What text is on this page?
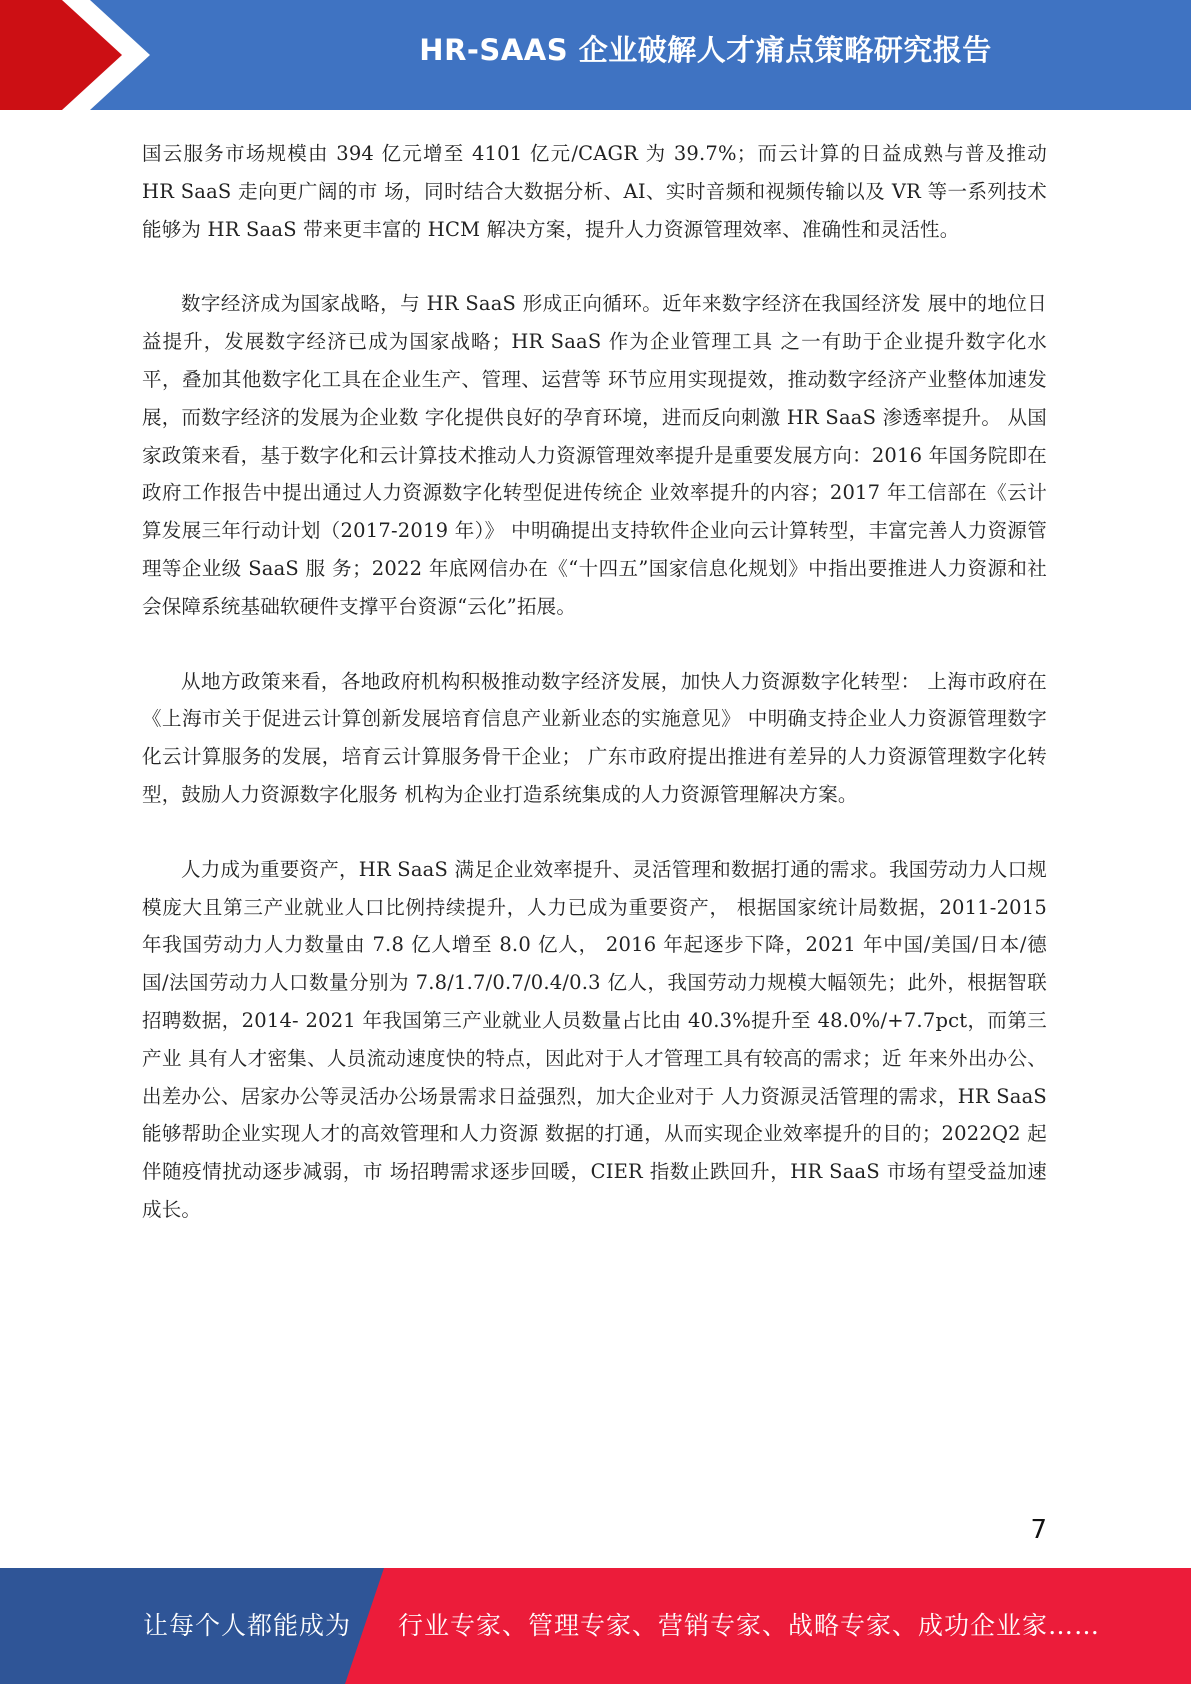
HR-SAAS 企业破解人才痛点策略研究报告

国云服务市场规模由 394 亿元增至 4101 亿元/CAGR 为 39.7%；而云计算的日益成熟与普及推动 HR SaaS 走向更广阔的市 场，同时结合大数据分析、AI、实时音频和视频传输以及 VR 等一系列技术能够为 HR SaaS 带来更丰富的 HCM 解决方案，提升人力资源管理效率、准确性和灵活性。

数字经济成为国家战略，与 HR SaaS 形成正向循环。近年来数字经济在我国经济发 展中的地位日益提升，发展数字经济已成为国家战略；HR SaaS 作为企业管理工具 之一有助于企业提升数字化水平，叠加其他数字化工具在企业生产、管理、运营等 环节应用实现提效，推动数字经济产业整体加速发展，而数字经济的发展为企业数 字化提供良好的孕育环境，进而反向刺激 HR SaaS 渗透率提升。 从国家政策来看，基于数字化和云计算技术推动人力资源管理效率提升是重要发展方向：2016 年国务院即在政府工作报告中提出通过人力资源数字化转型促进传统企 业效率提升的内容；2017 年工信部在《云计算发展三年行动计划（2017-2019 年）》 中明确提出支持软件企业向云计算转型，丰富完善人力资源管理等企业级 SaaS 服 务；2022 年底网信办在《“十四五”国家信息化规划》中指出要推进人力资源和社 会保障系统基础软硬件支撑平台资源“云化”拓展。

从地方政策来看，各地政府机构积极推动数字经济发展，加快人力资源数字化转型： 上海市政府在《上海市关于促进云计算创新发展培育信息产业新业态的实施意见》 中明确支持企业人力资源管理数字化云计算服务的发展，培育云计算服务骨干企业； 广东市政府提出推进有差异的人力资源管理数字化转型，鼓励人力资源数字化服务 机构为企业打造系统集成的人力资源管理解决方案。

人力成为重要资产，HR SaaS 满足企业效率提升、灵活管理和数据打通的需求。我国劳动力人口规模庞大且第三产业就业人口比例持续提升，人力已成为重要资产， 根据国家统计局数据，2011-2015 年我国劳动力人力数量由 7.8 亿人增至 8.0 亿人， 2016 年起逐步下降，2021 年中国/美国/日本/德国/法国劳动力人口数量分别为 7.8/1.7/0.7/0.4/0.3 亿人，我国劳动力规模大幅领先；此外，根据智联招聘数据，2014- 2021 年我国第三产业就业人员数量占比由 40.3%提升至 48.0%/+7.7pct，而第三产业 具有人才密集、人员流动速度快的特点，因此对于人才管理工具有较高的需求；近 年来外出办公、出差办公、居家办公等灵活办公场景需求日益强烈，加大企业对于 人力资源灵活管理的需求，HR SaaS 能够帮助企业实现人才的高效管理和人力资源 数据的打通，从而实现企业效率提升的目的；2022Q2 起伴随疫情扰动逐步减弱，市 场招聘需求逐步回暖，CIER 指数止跌回升，HR SaaS 市场有望受益加速成长。

7
让每个人都能成为 行业专家、管理专家、营销专家、战略专家、成功企业家……
